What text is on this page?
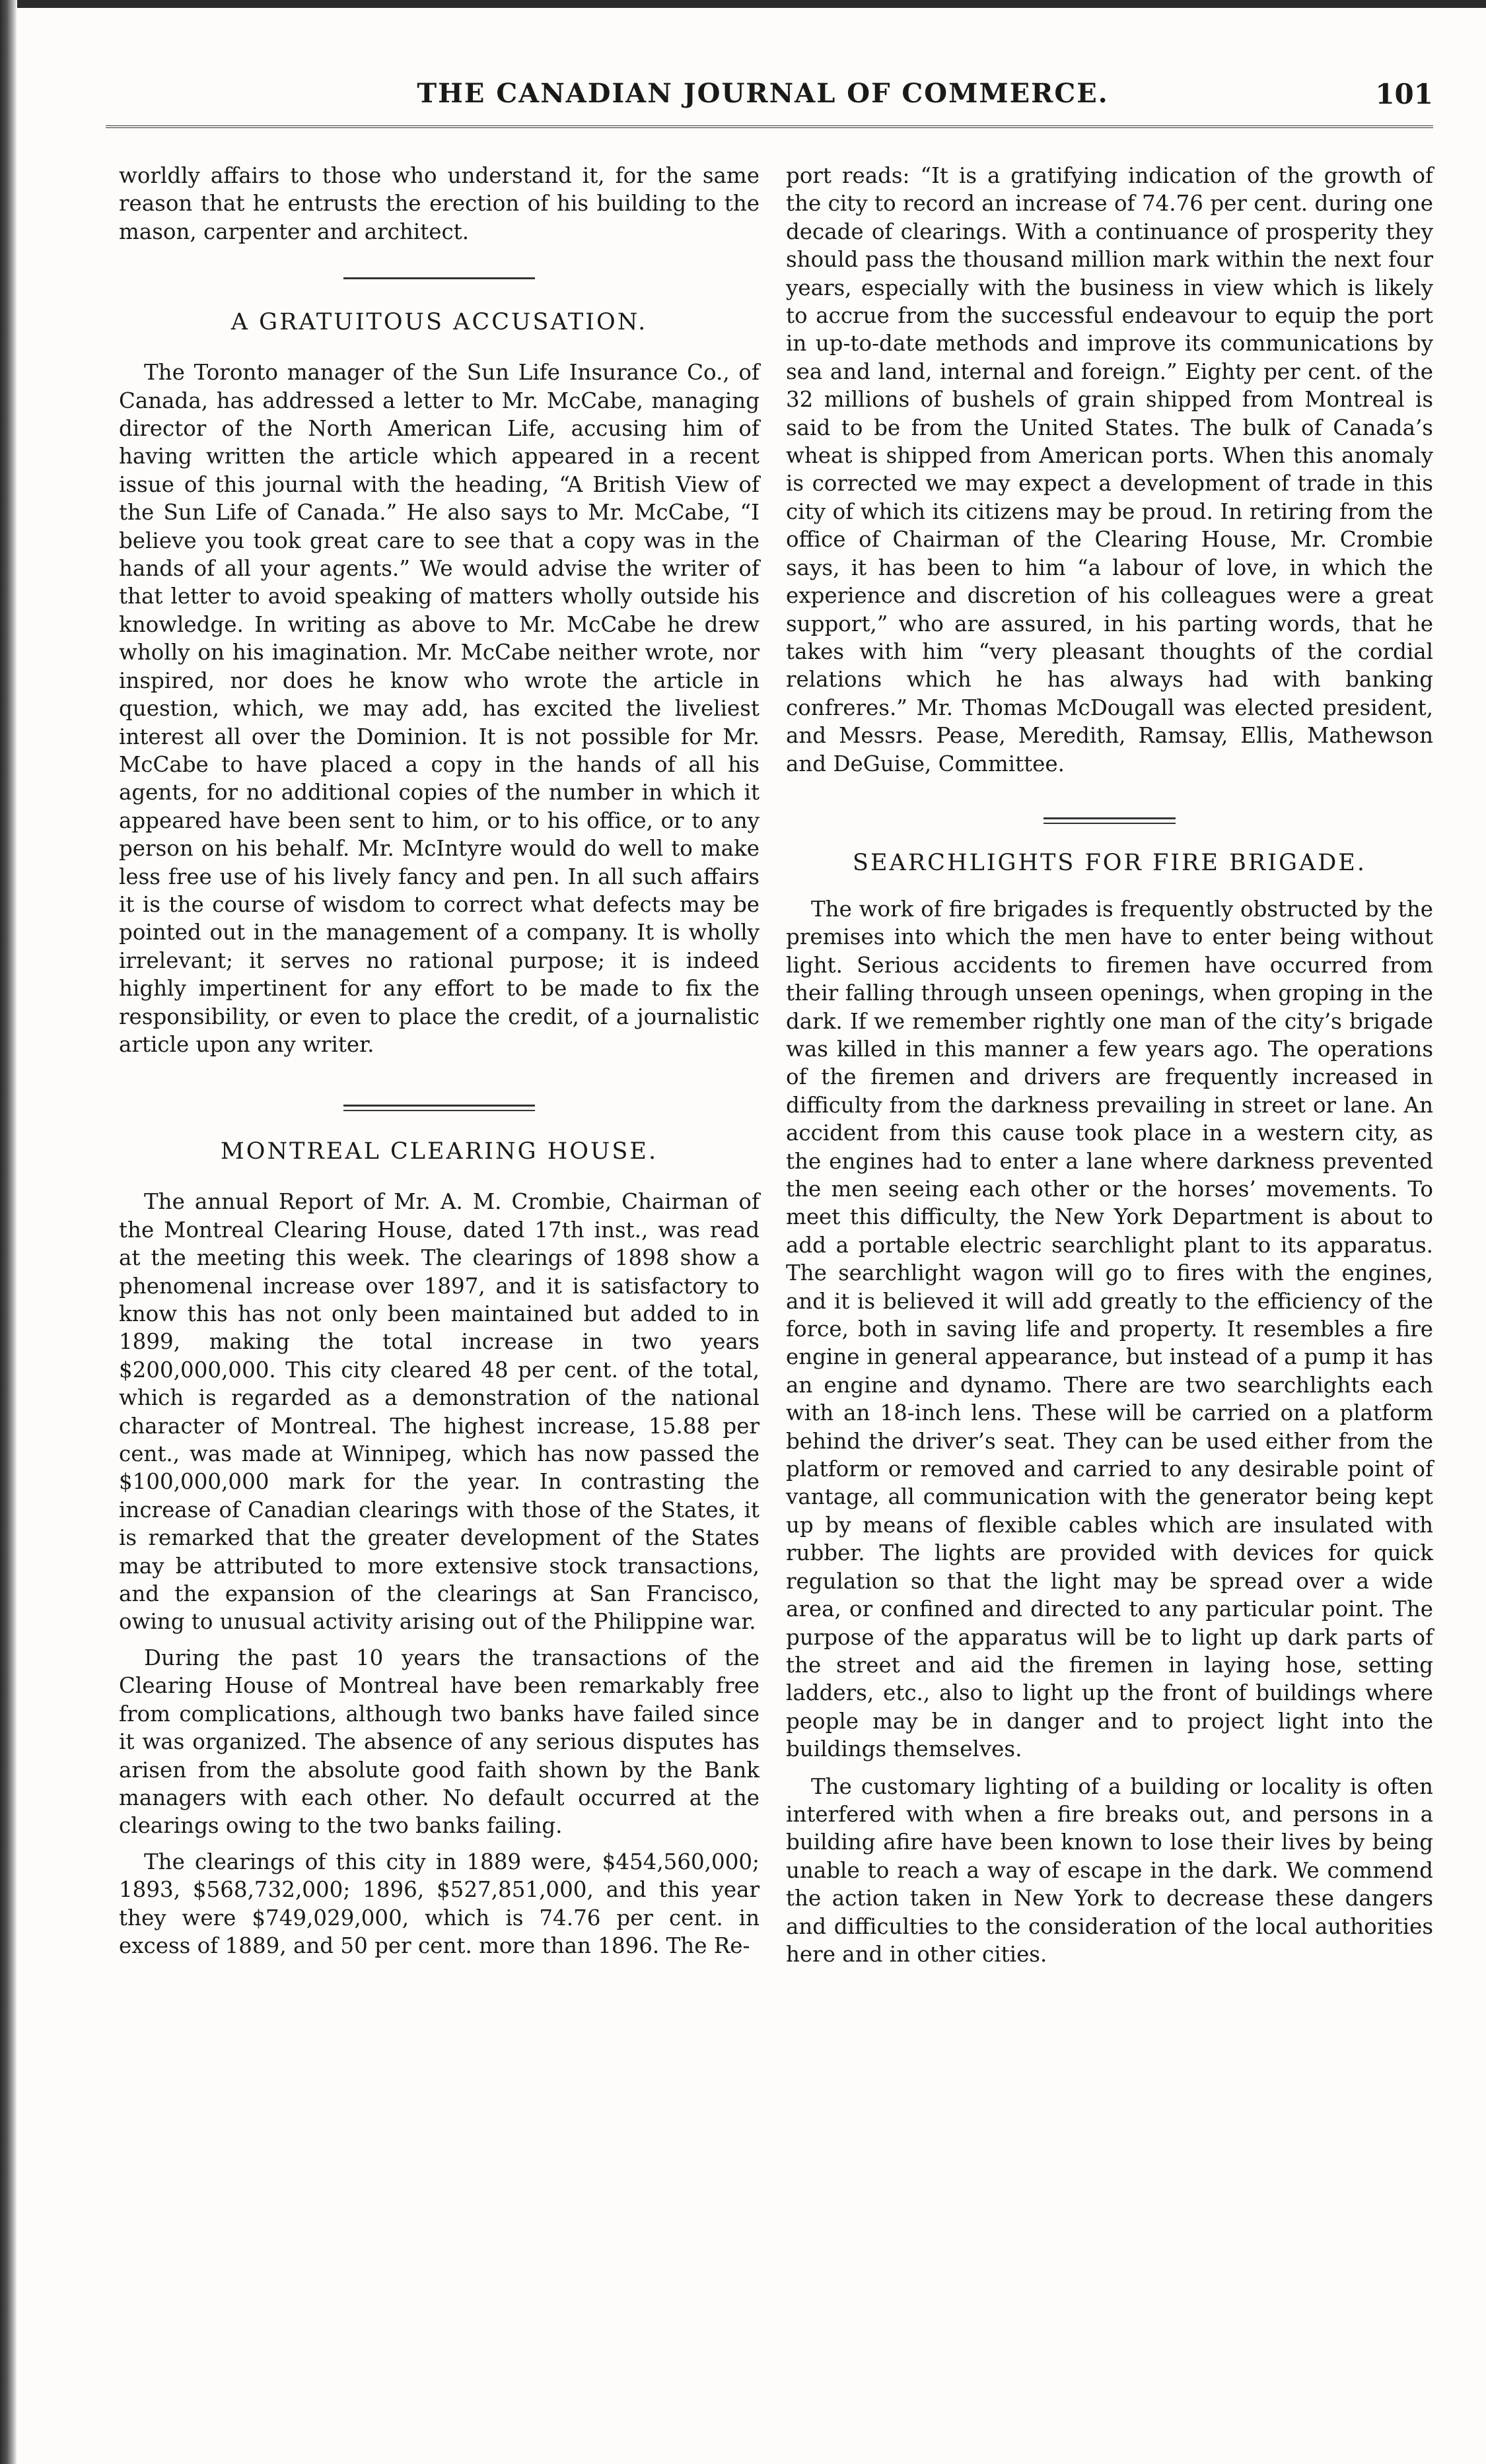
THE CANADIAN JOURNAL OF COMMERCE.	101

worldly affairs to those who understand it, for the same reason that he entrusts the erection of his building to the mason, carpenter and architect.

A GRATUITOUS ACCUSATION.

The Toronto manager of the Sun Life Insurance Co., of Canada, has addressed a letter to Mr. McCabe, managing director of the North American Life, accusing him of having written the article which appeared in a recent issue of this journal with the heading, “A British View of the Sun Life of Canada.” He also says to Mr. McCabe, “I believe you took great care to see that a copy was in the hands of all your agents.” We would advise the writer of that letter to avoid speaking of matters wholly outside his knowledge. In writing as above to Mr. McCabe he drew wholly on his imagination. Mr. McCabe neither wrote, nor inspired, nor does he know who wrote the article in question, which, we may add, has excited the liveliest interest all over the Dominion. It is not possible for Mr. McCabe to have placed a copy in the hands of all his agents, for no additional copies of the number in which it appeared have been sent to him, or to his office, or to any person on his behalf. Mr. McIntyre would do well to make less free use of his lively fancy and pen. In all such affairs it is the course of wisdom to correct what defects may be pointed out in the management of a company. It is wholly irrelevant; it serves no rational purpose; it is indeed highly impertinent for any effort to be made to fix the responsibility, or even to place the credit, of a journalistic article upon any writer.

MONTREAL CLEARING HOUSE.

The annual Report of Mr. A. M. Crombie, Chairman of the Montreal Clearing House, dated 17th inst., was read at the meeting this week. The clearings of 1898 show a phenomenal increase over 1897, and it is satisfactory to know this has not only been maintained but added to in 1899, making the total increase in two years $200,000,000. This city cleared 48 per cent. of the total, which is regarded as a demonstration of the national character of Montreal. The highest increase, 15.88 per cent., was made at Winnipeg, which has now passed the $100,000,000 mark for the year. In contrasting the increase of Canadian clearings with those of the States, it is remarked that the greater development of the States may be attributed to more extensive stock transactions, and the expansion of the clearings at San Francisco, owing to unusual activity arising out of the Philippine war.

During the past 10 years the transactions of the Clearing House of Montreal have been remarkably free from complications, although two banks have failed since it was organized. The absence of any serious disputes has arisen from the absolute good faith shown by the Bank managers with each other. No default occurred at the clearings owing to the two banks failing.

The clearings of this city in 1889 were, $454,560,000; 1893, $568,732,000; 1896, $527,851,000, and this year they were $749,029,000, which is 74.76 per cent. in excess of 1889, and 50 per cent. more than 1896. The Re-

port reads: “It is a gratifying indication of the growth of the city to record an increase of 74.76 per cent. during one decade of clearings. With a continuance of prosperity they should pass the thousand million mark within the next four years, especially with the business in view which is likely to accrue from the successful endeavour to equip the port in up-to-date methods and improve its communications by sea and land, internal and foreign.” Eighty per cent. of the 32 millions of bushels of grain shipped from Montreal is said to be from the United States. The bulk of Canada’s wheat is shipped from American ports. When this anomaly is corrected we may expect a development of trade in this city of which its citizens may be proud. In retiring from the office of Chairman of the Clearing House, Mr. Crombie says, it has been to him “a labour of love, in which the experience and discretion of his colleagues were a great support,” who are assured, in his parting words, that he takes with him “very pleasant thoughts of the cordial relations which he has always had with banking confreres.” Mr. Thomas McDougall was elected president, and Messrs. Pease, Meredith, Ramsay, Ellis, Mathewson and DeGuise, Committee.

SEARCHLIGHTS FOR FIRE BRIGADE.

The work of fire brigades is frequently obstructed by the premises into which the men have to enter being without light. Serious accidents to firemen have occurred from their falling through unseen openings, when groping in the dark. If we remember rightly one man of the city’s brigade was killed in this manner a few years ago. The operations of the firemen and drivers are frequently increased in difficulty from the darkness prevailing in street or lane. An accident from this cause took place in a western city, as the engines had to enter a lane where darkness prevented the men seeing each other or the horses’ movements. To meet this difficulty, the New York Department is about to add a portable electric searchlight plant to its apparatus. The searchlight wagon will go to fires with the engines, and it is believed it will add greatly to the efficiency of the force, both in saving life and property. It resembles a fire engine in general appearance, but instead of a pump it has an engine and dynamo. There are two searchlights each with an 18-inch lens. These will be carried on a platform behind the driver’s seat. They can be used either from the platform or removed and carried to any desirable point of vantage, all communication with the generator being kept up by means of flexible cables which are insulated with rubber. The lights are provided with devices for quick regulation so that the light may be spread over a wide area, or confined and directed to any particular point. The purpose of the apparatus will be to light up dark parts of the street and aid the firemen in laying hose, setting ladders, etc., also to light up the front of buildings where people may be in danger and to project light into the buildings themselves.

The customary lighting of a building or locality is often interfered with when a fire breaks out, and persons in a building afire have been known to lose their lives by being unable to reach a way of escape in the dark. We commend the action taken in New York to decrease these dangers and difficulties to the consideration of the local authorities here and in other cities.
